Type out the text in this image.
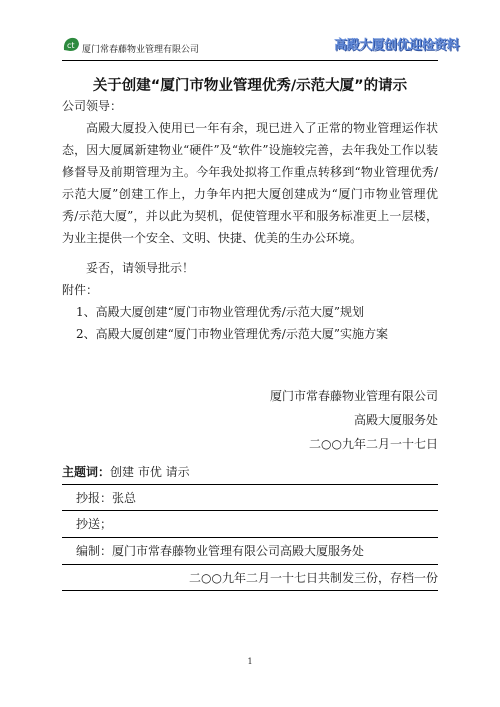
ct 厦门常春藤物业管理有限公司	高殿大厦创优迎检资料
关于创建“厦门市物业管理优秀/示范大厦”的请示
公司领导：

高殿大厦投入使用已一年有余，现已进入了正常的物业管理运作状态，因大厦属新建物业“硬件”及“软件”设施较完善，去年我处工作以装修督导及前期管理为主。今年我处拟将工作重点转移到“物业管理优秀/示范大厦”创建工作上，力争年内把大厦创建成为“厦门市物业管理优秀/示范大厦”，并以此为契机，促使管理水平和服务标准更上一层楼，为业主提供一个安全、文明、快捷、优美的生办公环境。

妥否，请领导批示！
附件：
1、高殿大厦创建“厦门市物业管理优秀/示范大厦”规划
2、高殿大厦创建“厦门市物业管理优秀/示范大厦”实施方案
厦门市常春藤物业管理有限公司
高殿大厦服务处
二○○九年二月一十七日
主题词：创建 市优 请示
抄报：张总
抄送；
编制：厦门市常春藤物业管理有限公司高殿大厦服务处
二○○九年二月一十七日共制发三份，存档一份
1
